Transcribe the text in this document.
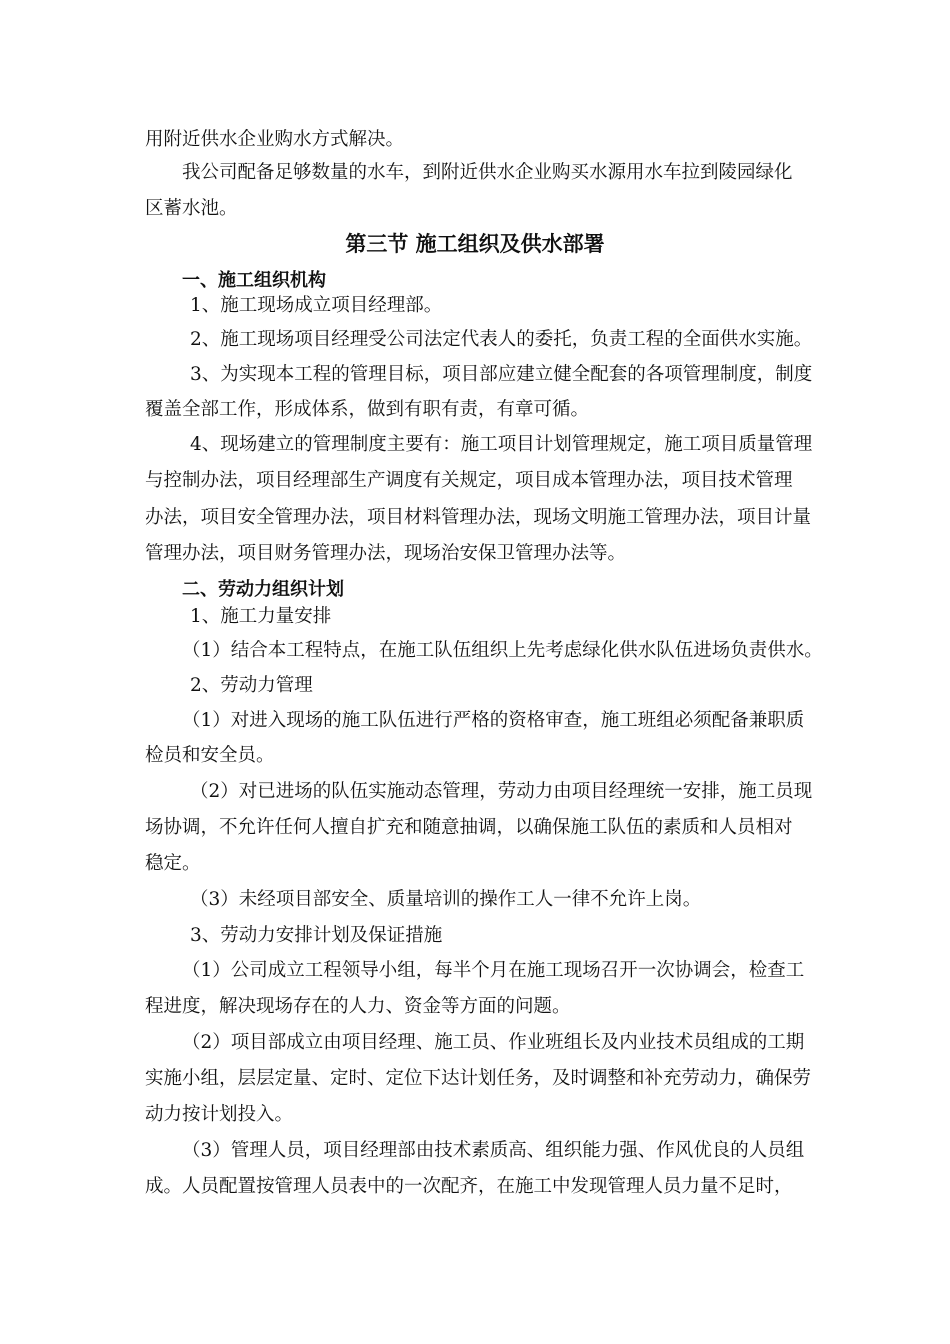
用附近供水企业购水方式解决。
我公司配备足够数量的水车，到附近供水企业购买水源用水车拉到陵园绿化
区蓄水池。
第三节 施工组织及供水部署
一、施工组织机构
1、施工现场成立项目经理部。
2、施工现场项目经理受公司法定代表人的委托，负责工程的全面供水实施。
3、为实现本工程的管理目标，项目部应建立健全配套的各项管理制度，制度
覆盖全部工作，形成体系，做到有职有责，有章可循。
4、现场建立的管理制度主要有：施工项目计划管理规定，施工项目质量管理
与控制办法，项目经理部生产调度有关规定，项目成本管理办法，项目技术管理
办法，项目安全管理办法，项目材料管理办法，现场文明施工管理办法，项目计量
管理办法，项目财务管理办法，现场治安保卫管理办法等。
二、劳动力组织计划
1、施工力量安排
（1）结合本工程特点，在施工队伍组织上先考虑绿化供水队伍进场负责供水。
2、劳动力管理
（1）对进入现场的施工队伍进行严格的资格审查，施工班组必须配备兼职质
检员和安全员。
（2）对已进场的队伍实施动态管理，劳动力由项目经理统一安排，施工员现
场协调，不允许任何人擅自扩充和随意抽调，以确保施工队伍的素质和人员相对
稳定。
（3）未经项目部安全、质量培训的操作工人一律不允许上岗。
3、劳动力安排计划及保证措施
（1）公司成立工程领导小组，每半个月在施工现场召开一次协调会，检查工
程进度，解决现场存在的人力、资金等方面的问题。
（2）项目部成立由项目经理、施工员、作业班组长及内业技术员组成的工期
实施小组，层层定量、定时、定位下达计划任务，及时调整和补充劳动力，确保劳
动力按计划投入。
（3）管理人员，项目经理部由技术素质高、组织能力强、作风优良的人员组
成。人员配置按管理人员表中的一次配齐，在施工中发现管理人员力量不足时，
